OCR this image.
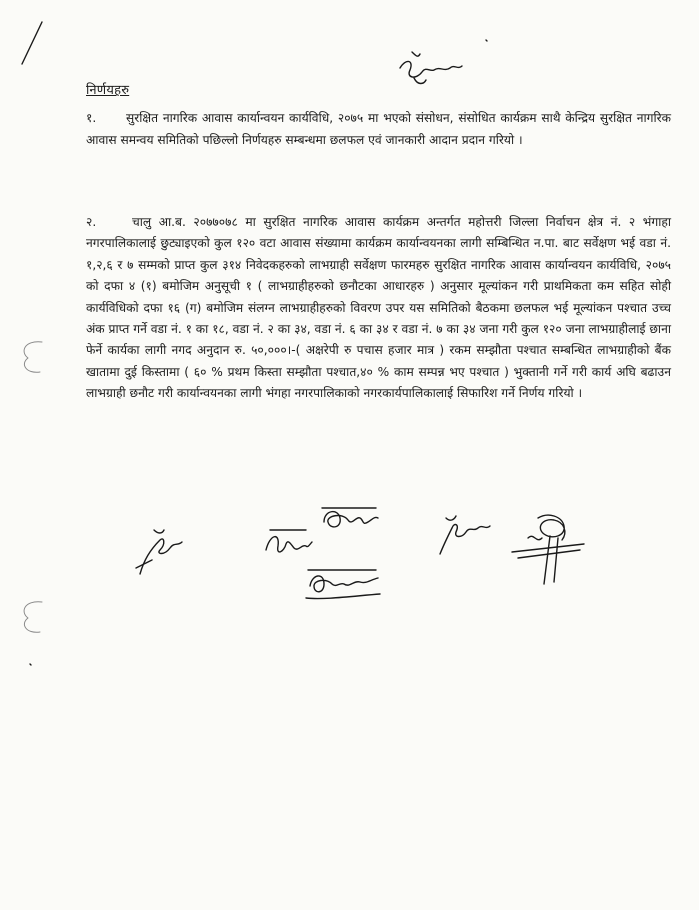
निर्णयहरु
१. सुरक्षित नागरिक आवास कार्यान्वयन कार्यविधि, २०७५ मा भएको संसोधन, संसोधित कार्यक्रम साथै केन्द्रिय सुरक्षित नागरिक आवास समन्वय समितिको पछिल्लो निर्णयहरु सम्बन्धमा छलफल एवं जानकारी आदान प्रदान गरियो ।
२.	चालु आ.ब. २०७७०७८ मा सुरक्षित नागरिक आवास कार्यक्रम अन्तर्गत महोत्तरी जिल्ला निर्वाचन क्षेत्र नं. २ भंगाहा नगरपालिकालाई छुट्याइएको कुल १२० वटा आवास संख्यामा कार्यक्रम कार्यान्वयनका लागी सम्बिन्धित न.पा. बाट सर्वेक्षण भई वडा नं. १,२,६ र ७ सम्मको प्राप्त कुल ३१४ निवेदकहरुको लाभग्राही सर्वेक्षण फारमहरु सुरक्षित नागरिक आवास कार्यान्वयन कार्यविधि, २०७५ को दफा ४ (१) बमोजिम अनुसूची १ ( लाभग्राहीहरुको छनौटका आधारहरु ) अनुसार मूल्यांकन गरी प्राथमिकता कम सहित सोही कार्यविधिको दफा १६ (ग) बमोजिम संलग्न लाभग्राहीहरुको विवरण उपर यस समितिको बैठकमा छलफल भई मूल्यांकन पश्चात उच्च अंक प्राप्त गर्ने वडा नं. १ का १८, वडा नं. २ का ३४, वडा नं. ६ का ३४ र वडा नं. ७ का ३४ जना गरी कुल १२० जना लाभग्राहीलाई छाना फेर्ने कार्यका लागी नगद अनुदान रु. ५०,०००।-( अक्षरेपी रु पचास हजार मात्र ) रकम सम्झौता पश्चात सम्बन्धित लाभग्राहीको बैंक खातामा दुई किस्तामा ( ६० % प्रथम किस्ता सम्झौता पश्चात,४० % काम सम्पन्न भए पश्चात ) भुक्तानी गर्ने गरी कार्य अघि बढाउन लाभग्राही छनौट गरी कार्यान्वयनका लागी भंगहा नगरपालिकाको नगरकार्यपालिकालाई सिफारिश गर्ने निर्णय गरियो ।
